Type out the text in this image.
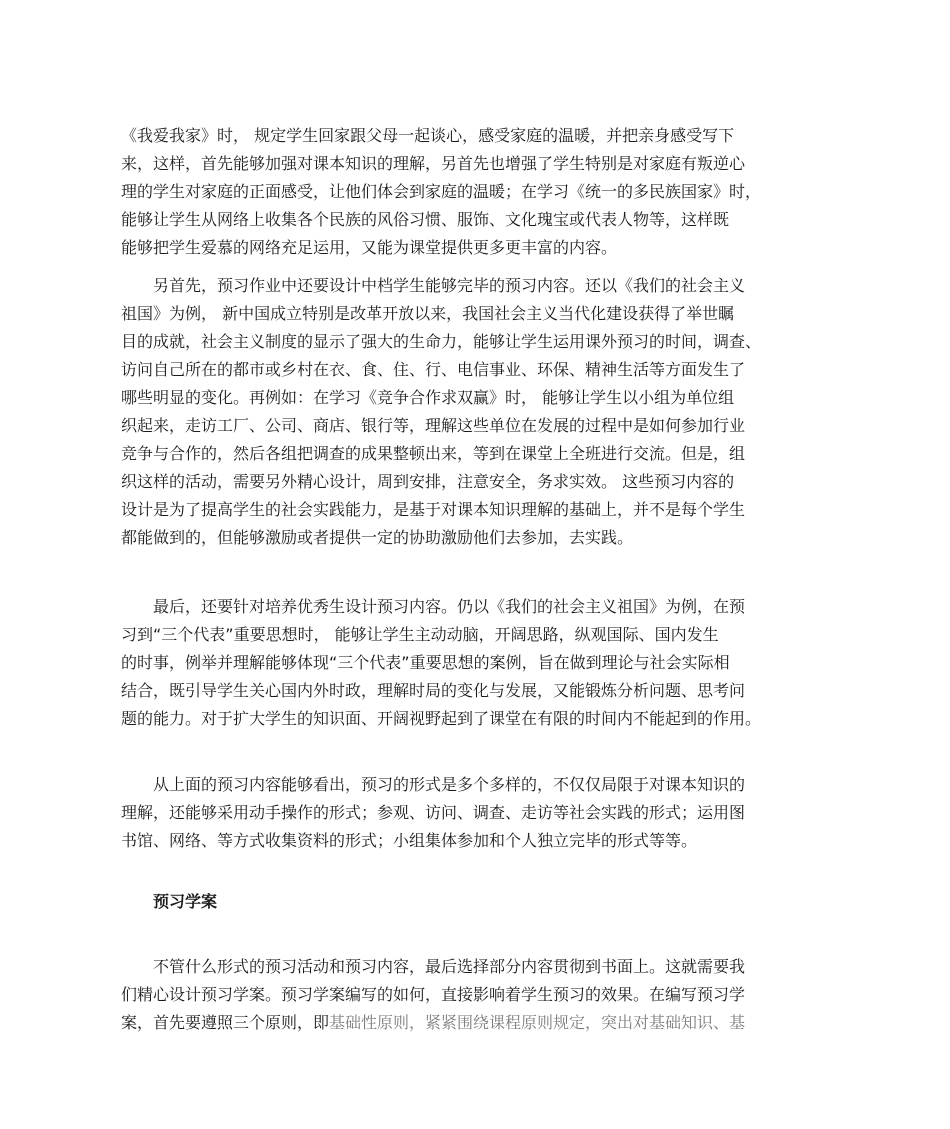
《我爱我家》时， 规定学生回家跟父母一起谈心，感受家庭的温暖，并把亲身感受写下
来，这样，首先能够加强对课本知识的理解，另首先也增强了学生特别是对家庭有叛逆心
理的学生对家庭的正面感受，让他们体会到家庭的温暖；在学习《统一的多民族国家》时，
能够让学生从网络上收集各个民族的风俗习惯、服饰、文化瑰宝或代表人物等，这样既
能够把学生爱慕的网络充足运用，又能为课堂提供更多更丰富的内容。
　　另首先，预习作业中还要设计中档学生能够完毕的预习内容。还以《我们的社会主义
祖国》为例， 新中国成立特别是改革开放以来，我国社会主义当代化建设获得了举世瞩
目的成就，社会主义制度的显示了强大的生命力，能够让学生运用课外预习的时间，调查、
访问自己所在的都市或乡村在衣、食、住、行、电信事业、环保、精神生活等方面发生了
哪些明显的变化。再例如：在学习《竞争合作求双赢》时， 能够让学生以小组为单位组
织起来，走访工厂、公司、商店、银行等，理解这些单位在发展的过程中是如何参加行业
竞争与合作的，然后各组把调查的成果整顿出来，等到在课堂上全班进行交流。但是，组
织这样的活动，需要另外精心设计，周到安排，注意安全，务求实效。 这些预习内容的
设计是为了提高学生的社会实践能力，是基于对课本知识理解的基础上，并不是每个学生
都能做到的，但能够激励或者提供一定的协助激励他们去参加，去实践。
　　最后，还要针对培养优秀生设计预习内容。仍以《我们的社会主义祖国》为例，在预
习到“三个代表”重要思想时， 能够让学生主动动脑，开阔思路，纵观国际、国内发生
的时事，例举并理解能够体现“三个代表”重要思想的案例，旨在做到理论与社会实际相
结合，既引导学生关心国内外时政，理解时局的变化与发展，又能锻炼分析问题、思考问
题的能力。对于扩大学生的知识面、开阔视野起到了课堂在有限的时间内不能起到的作用。
　　从上面的预习内容能够看出，预习的形式是多个多样的，不仅仅局限于对课本知识的
理解，还能够采用动手操作的形式；参观、访问、调查、走访等社会实践的形式；运用图
书馆、网络、等方式收集资料的形式；小组集体参加和个人独立完毕的形式等等。
　　预习学案
　　不管什么形式的预习活动和预习内容，最后选择部分内容贯彻到书面上。这就需要我
们精心设计预习学案。预习学案编写的如何，直接影响着学生预习的效果。在编写预习学
案，首先要遵照三个原则，即基础性原则，紧紧围绕课程原则规定，突出对基础知识、基
